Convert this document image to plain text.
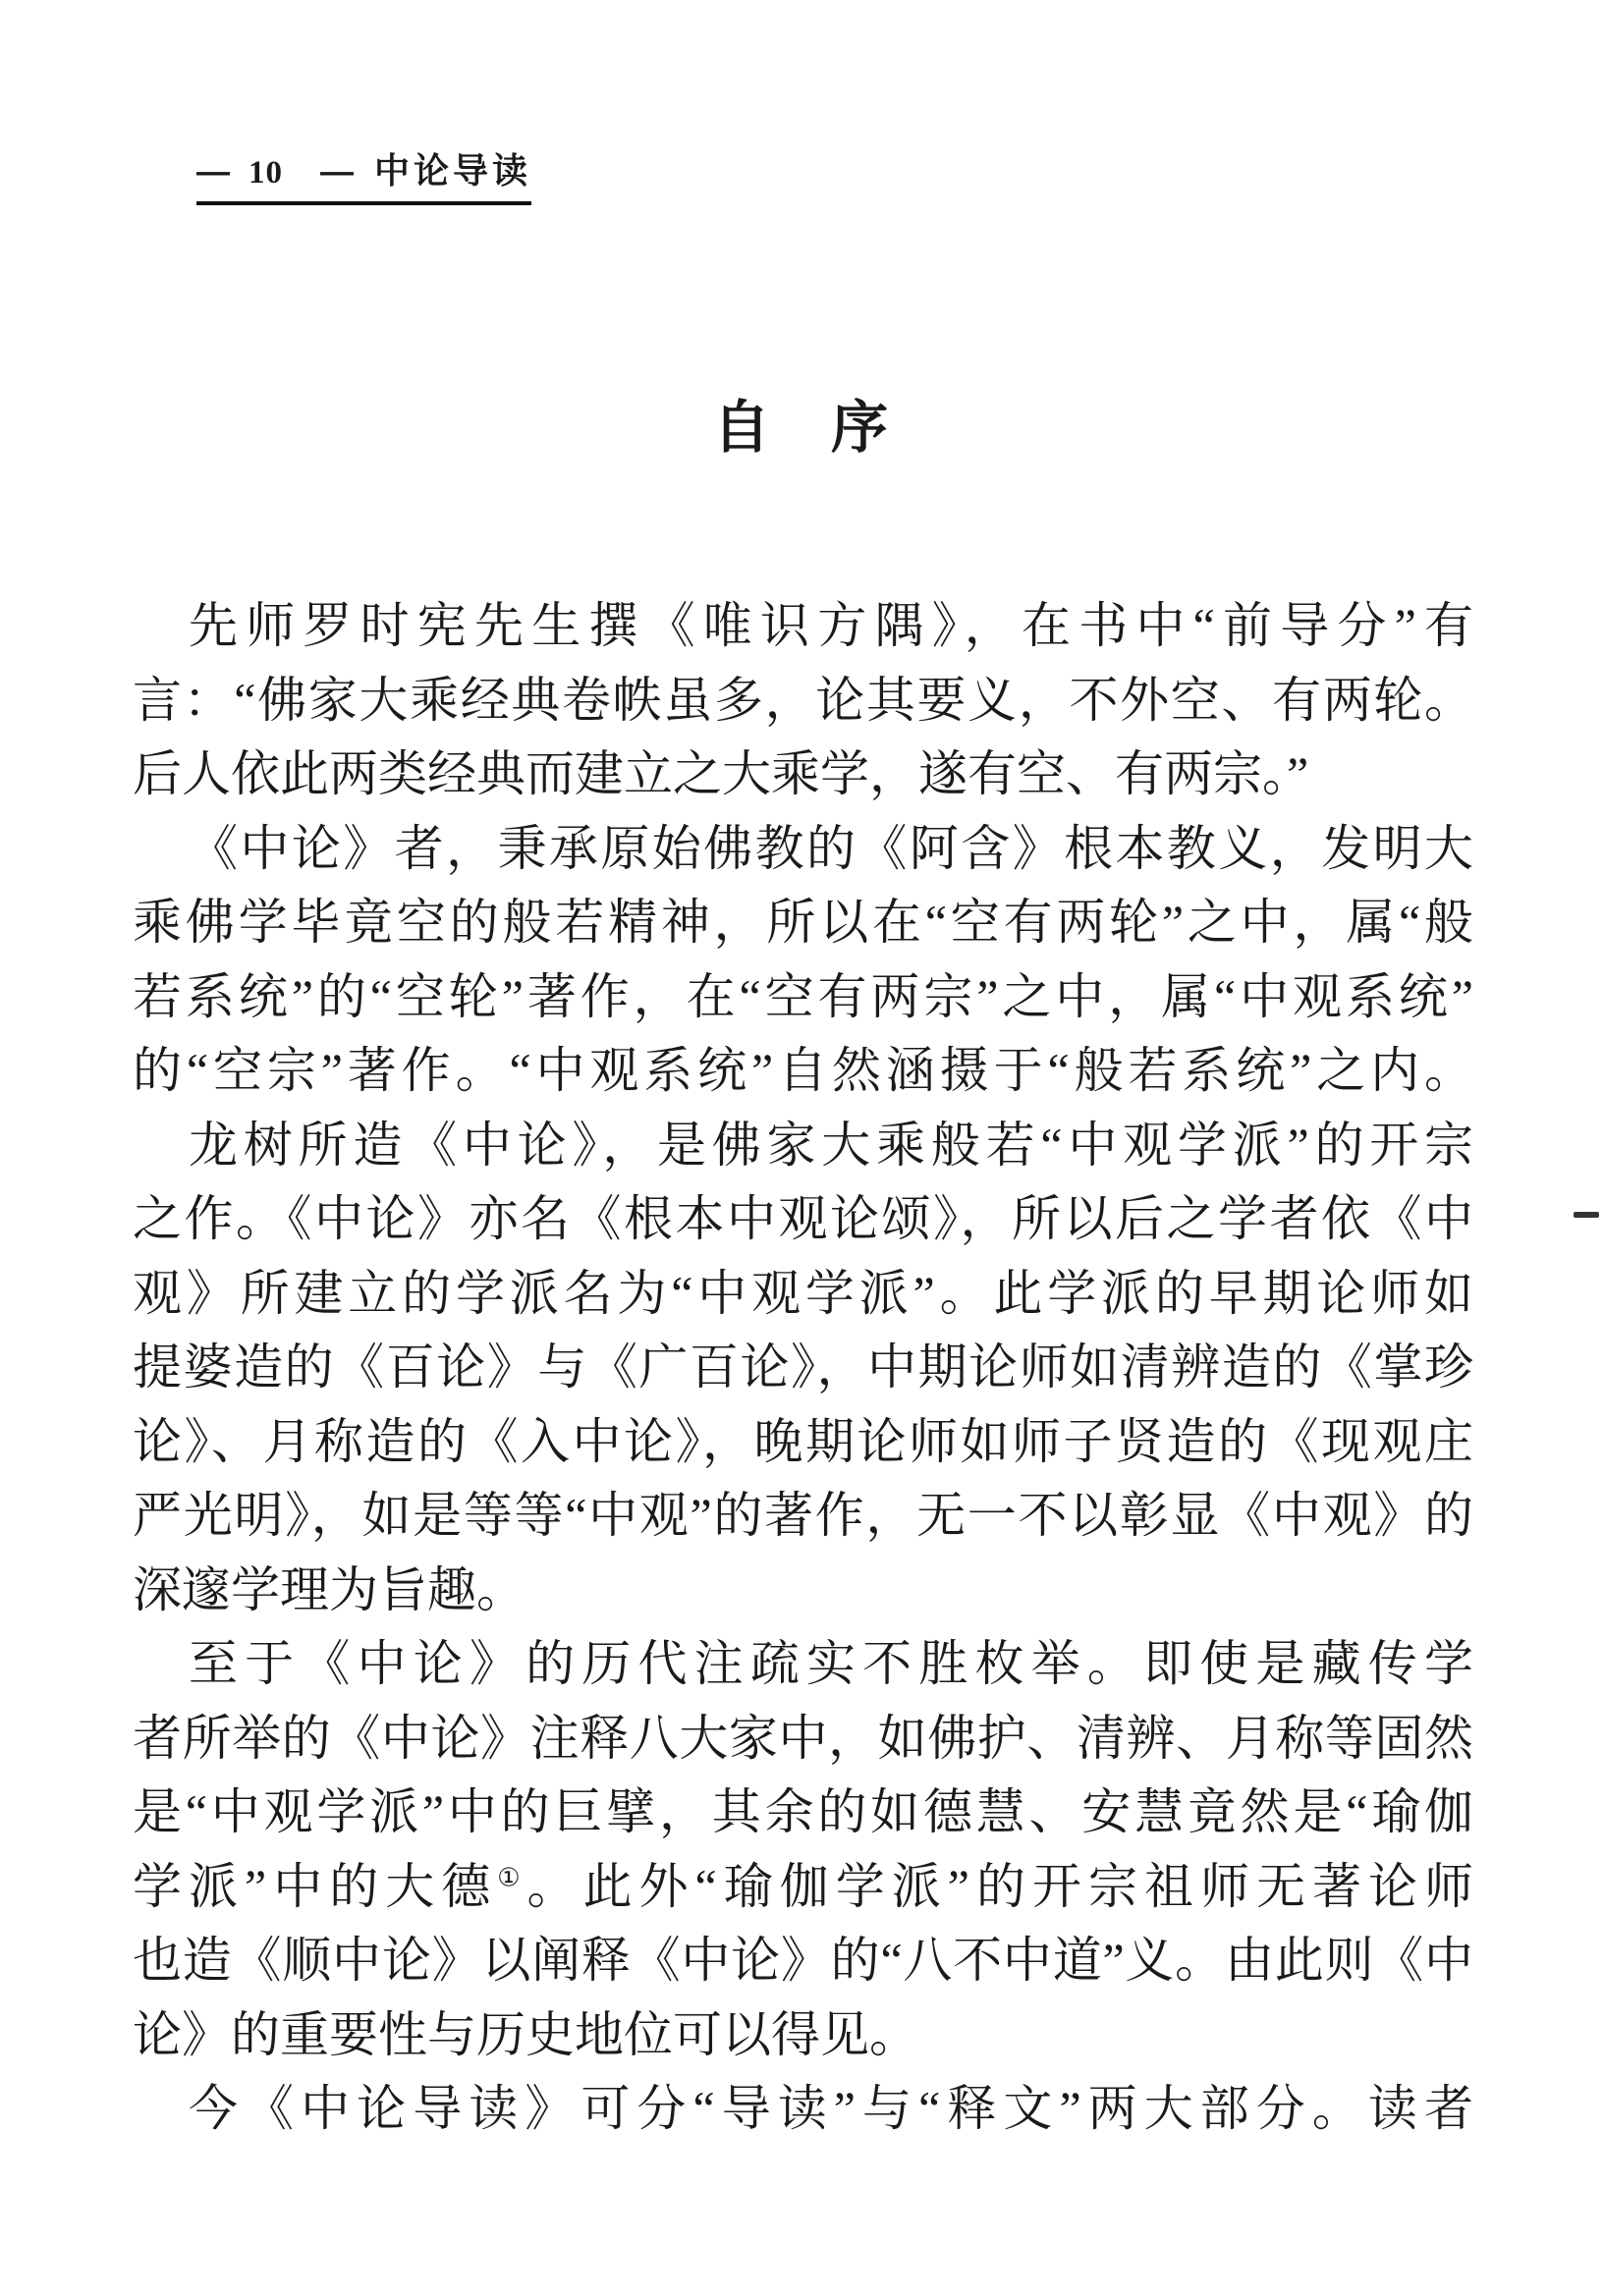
— 10 — 中论导读
自　序
先师罗时宪先生撰《唯识方隅》，在书中“前导分”有
言：“佛家大乘经典卷帙虽多，论其要义，不外空、有两轮。
后人依此两类经典而建立之大乘学，遂有空、有两宗。”
《中论》者，秉承原始佛教的《阿含》根本教义，发明大
乘佛学毕竟空的般若精神，所以在“空有两轮”之中，属“般
若系统”的“空轮”著作，在“空有两宗”之中，属“中观系统”
的“空宗”著作。“中观系统”自然涵摄于“般若系统”之内。
龙树所造《中论》，是佛家大乘般若“中观学派”的开宗
之作。《中论》亦名《根本中观论颂》，所以后之学者依《中
观》所建立的学派名为“中观学派”。此学派的早期论师如
提婆造的《百论》与《广百论》，中期论师如清辨造的《掌珍
论》、月称造的《入中论》，晚期论师如师子贤造的《现观庄
严光明》，如是等等“中观”的著作，无一不以彰显《中观》的
深邃学理为旨趣。
至于《中论》的历代注疏实不胜枚举。即使是藏传学
者所举的《中论》注释八大家中，如佛护、清辨、月称等固然
是“中观学派”中的巨擘，其余的如德慧、安慧竟然是“瑜伽
学派”中的大德①。此外“瑜伽学派”的开宗祖师无著论师
也造《顺中论》以阐释《中论》的“八不中道”义。由此则《中
论》的重要性与历史地位可以得见。
今《中论导读》可分“导读”与“释文”两大部分。读者
